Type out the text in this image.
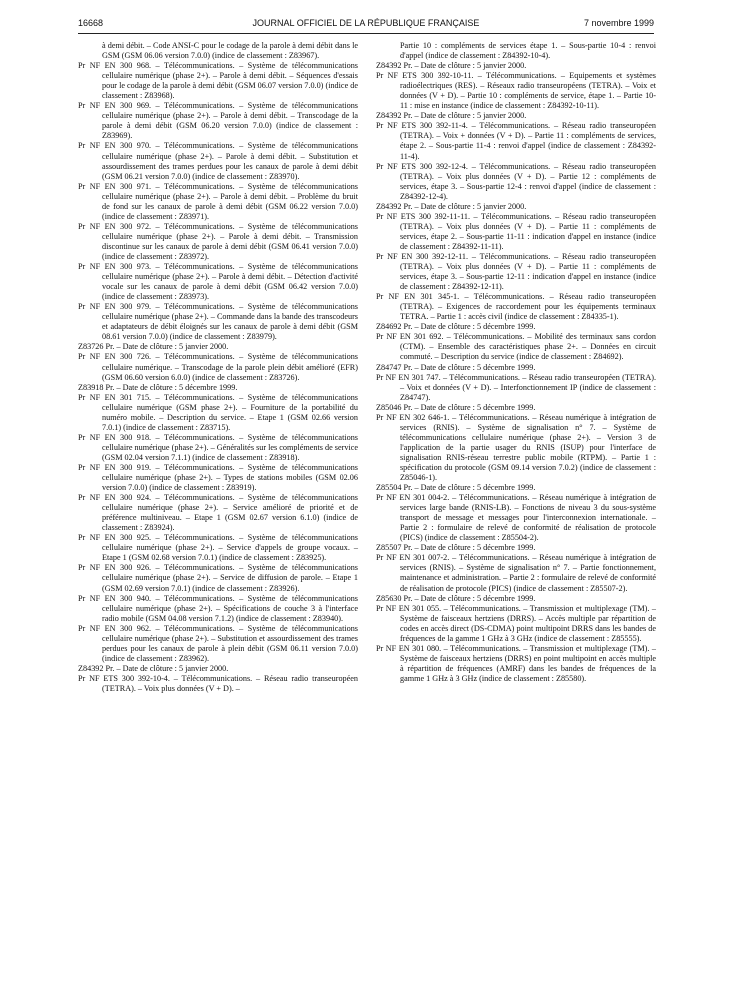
16668	JOURNAL OFFICIEL DE LA RÉPUBLIQUE FRANÇAISE	7 novembre 1999
à demi débit. – Code ANSI-C pour le codage de la parole à demi débit dans le GSM (GSM 06.06 version 7.0.0) (indice de classement : Z83967).
Pr NF EN 300 968. – Télécommunications. – Système de télécommunications cellulaire numérique (phase 2+). – Parole à demi débit. – Séquences d'essais pour le codage de la parole à demi débit (GSM 06.07 version 7.0.0) (indice de classement : Z83968).
Pr NF EN 300 969. – Télécommunications. – Système de télécommunications cellulaire numérique (phase 2+). – Parole à demi débit. – Transcodage de la parole à demi débit (GSM 06.20 version 7.0.0) (indice de classement : Z83969).
Pr NF EN 300 970. – Télécommunications. – Système de télécommunications cellulaire numérique (phase 2+). – Parole à demi débit. – Substitution et assourdissement des trames perdues pour les canaux de parole à demi débit (GSM 06.21 version 7.0.0) (indice de classement : Z83970).
Pr NF EN 300 971. – Télécommunications. – Système de télécommunications cellulaire numérique (phase 2+). – Parole à demi débit. – Problème du bruit de fond sur les canaux de parole à demi débit (GSM 06.22 version 7.0.0) (indice de classement : Z83971).
Pr NF EN 300 972. – Télécommunications. – Système de télécommunications cellulaire numérique (phase 2+). – Parole à demi débit. – Transmission discontinue sur les canaux de parole à demi débit (GSM 06.41 version 7.0.0) (indice de classement : Z83972).
Pr NF EN 300 973. – Télécommunications. – Système de télécommunications cellulaire numérique (phase 2+). – Parole à demi débit. – Détection d'activité vocale sur les canaux de parole à demi débit (GSM 06.42 version 7.0.0) (indice de classement : Z83973).
Pr NF EN 300 979. – Télécommunications. – Système de télécommunications cellulaire numérique (phase 2+). – Commande dans la bande des transcodeurs et adaptateurs de débit éloignés sur les canaux de parole à demi débit (GSM 08.61 version 7.0.0) (indice de classement : Z83979).
Z83726 Pr. – Date de clôture : 5 janvier 2000.
Pr NF EN 300 726. – Télécommunications. – Système de télécommunications cellulaire numérique. – Transcodage de la parole plein débit amélioré (EFR) (GSM 06.60 version 6.0.0) (indice de classement : Z83726).
Z83918 Pr. – Date de clôture : 5 décembre 1999.
Pr NF EN 301 715. – Télécommunications. – Système de télécommunications cellulaire numérique (GSM phase 2+). – Fourniture de la portabilité du numéro mobile. – Description du service. – Etape 1 (GSM 02.66 version 7.0.1) (indice de classement : Z83715).
Pr NF EN 300 918. – Télécommunications. – Système de télécommunications cellulaire numérique (phase 2+). – Généralités sur les compléments de service (GSM 02.04 version 7.1.1) (indice de classement : Z83918).
Pr NF EN 300 919. – Télécommunications. – Système de télécommunications cellulaire numérique (phase 2+). – Types de stations mobiles (GSM 02.06 version 7.0.0) (indice de classement : Z83919).
Pr NF EN 300 924. – Télécommunications. – Système de télécommunications cellulaire numérique (phase 2+). – Service amélioré de priorité et de préférence multiniveau. – Etape 1 (GSM 02.67 version 6.1.0) (indice de classement : Z83924).
Pr NF EN 300 925. – Télécommunications. – Système de télécommunications cellulaire numérique (phase 2+). – Service d'appels de groupe vocaux. – Etape 1 (GSM 02.68 version 7.0.1) (indice de classement : Z83925).
Pr NF EN 300 926. – Télécommunications. – Système de télécommunications cellulaire numérique (phase 2+). – Service de diffusion de parole. – Etape 1 (GSM 02.69 version 7.0.1) (indice de classement : Z83926).
Pr NF EN 300 940. – Télécommunications. – Système de télécommunications cellulaire numérique (phase 2+). – Spécifications de couche 3 à l'interface radio mobile (GSM 04.08 version 7.1.2) (indice de classement : Z83940).
Pr NF EN 300 962. – Télécommunications. – Système de télécommunications cellulaire numérique (phase 2+). – Substitution et assourdissement des trames perdues pour les canaux de parole à plein débit (GSM 06.11 version 7.0.0) (indice de classement : Z83962).
Z84392 Pr. – Date de clôture : 5 janvier 2000.
Pr NF ETS 300 392-10-4. – Télécommunications. – Réseau radio transeuropéen (TETRA). – Voix plus données (V + D). –
Partie 10 : compléments de services étape 1. – Sous-partie 10-4 : renvoi d'appel (indice de classement : Z84392-10-4).
Z84392 Pr. – Date de clôture : 5 janvier 2000.
Pr NF ETS 300 392-10-11. – Télécommunications. – Equipements et systèmes radioélectriques (RES). – Réseaux radio transeuropéens (TETRA). – Voix et données (V + D). – Partie 10 : compléments de service, étape 1. – Partie 10-11 : mise en instance (indice de classement : Z84392-10-11).
Z84392 Pr. – Date de clôture : 5 janvier 2000.
Pr NF ETS 300 392-11-4. – Télécommunications. – Réseau radio transeuropéen (TETRA). – Voix + données (V + D). – Partie 11 : compléments de services, étape 2. – Sous-partie 11-4 : renvoi d'appel (indice de classement : Z84392-11-4).
Pr NF ETS 300 392-12-4. – Télécommunications. – Réseau radio transeuropéen (TETRA). – Voix plus données (V + D). – Partie 12 : compléments de services, étape 3. – Sous-partie 12-4 : renvoi d'appel (indice de classement : Z84392-12-4).
Z84392 Pr. – Date de clôture : 5 janvier 2000.
Pr NF ETS 300 392-11-11. – Télécommunications. – Réseau radio transeuropéen (TETRA). – Voix plus données (V + D). – Partie 11 : compléments de services, étape 2. – Sous-partie 11-11 : indication d'appel en instance (indice de classement : Z84392-11-11).
Pr NF EN 300 392-12-11. – Télécommunications. – Réseau radio transeuropéen (TETRA). – Voix plus données (V + D). – Partie 11 : compléments de services, étape 3. – Sous-partie 12-11 : indication d'appel en instance (indice de classement : Z84392-12-11).
Pr NF EN 301 345-1. – Télécommunications. – Réseau radio transeuropéen (TETRA). – Exigences de raccordement pour les équipements terminaux TETRA. – Partie 1 : accès civil (indice de classement : Z84335-1).
Z84692 Pr. – Date de clôture : 5 décembre 1999.
Pr NF EN 301 692. – Télécommunications. – Mobilité des terminaux sans cordon (CTM). – Ensemble des caractéristiques phase 2+. – Données en circuit commuté. – Description du service (indice de classement : Z84692).
Z84747 Pr. – Date de clôture : 5 décembre 1999.
Pr NF EN 301 747. – Télécommunications. – Réseau radio transeuropéen (TETRA). – Voix et données (V + D). – Interfonctionnement IP (indice de classement : Z84747).
Z85046 Pr. – Date de clôture : 5 décembre 1999.
Pr NF EN 302 646-1. – Télécommunications. – Réseau numérique à intégration de services (RNIS). – Système de signalisation n° 7. – Système de télécommunications cellulaire numérique (phase 2+). – Version 3 de l'application de la partie usager du RNIS (ISUP) pour l'interface de signalisation RNIS-réseau terrestre public mobile (RTPM). – Partie 1 : spécification du protocole (GSM 09.14 version 7.0.2) (indice de classement : Z85046-1).
Z85504 Pr. – Date de clôture : 5 décembre 1999.
Pr NF EN 301 004-2. – Télécommunications. – Réseau numérique à intégration de services large bande (RNIS-LB). – Fonctions de niveau 3 du sous-système transport de message et messages pour l'interconnexion internationale. – Partie 2 : formulaire de relevé de conformité de réalisation de protocole (PICS) (indice de classement : Z85504-2).
Z85507 Pr. – Date de clôture : 5 décembre 1999.
Pr NF EN 301 007-2. – Télécommunications. – Réseau numérique à intégration de services (RNIS). – Système de signalisation n° 7. – Partie fonctionnement, maintenance et administration. – Partie 2 : formulaire de relevé de conformité de réalisation de protocole (PICS) (indice de classement : Z85507-2).
Z85630 Pr. – Date de clôture : 5 décembre 1999.
Pr NF EN 301 055. – Télécommunications. – Transmission et multiplexage (TM). – Système de faisceaux hertziens (DRRS). – Accès multiple par répartition de codes en accès direct (DS-CDMA) point multipoint DRRS dans les bandes de fréquences de la gamme 1 GHz à 3 GHz (indice de classement : Z85555).
Pr NF EN 301 080. – Télécommunications. – Transmission et multiplexage (TM). – Système de faisceaux hertziens (DRRS) en point multipoint en accès multiple à répartition de fréquences (AMRF) dans les bandes de fréquences de la gamme 1 GHz à 3 GHz (indice de classement : Z85580).
